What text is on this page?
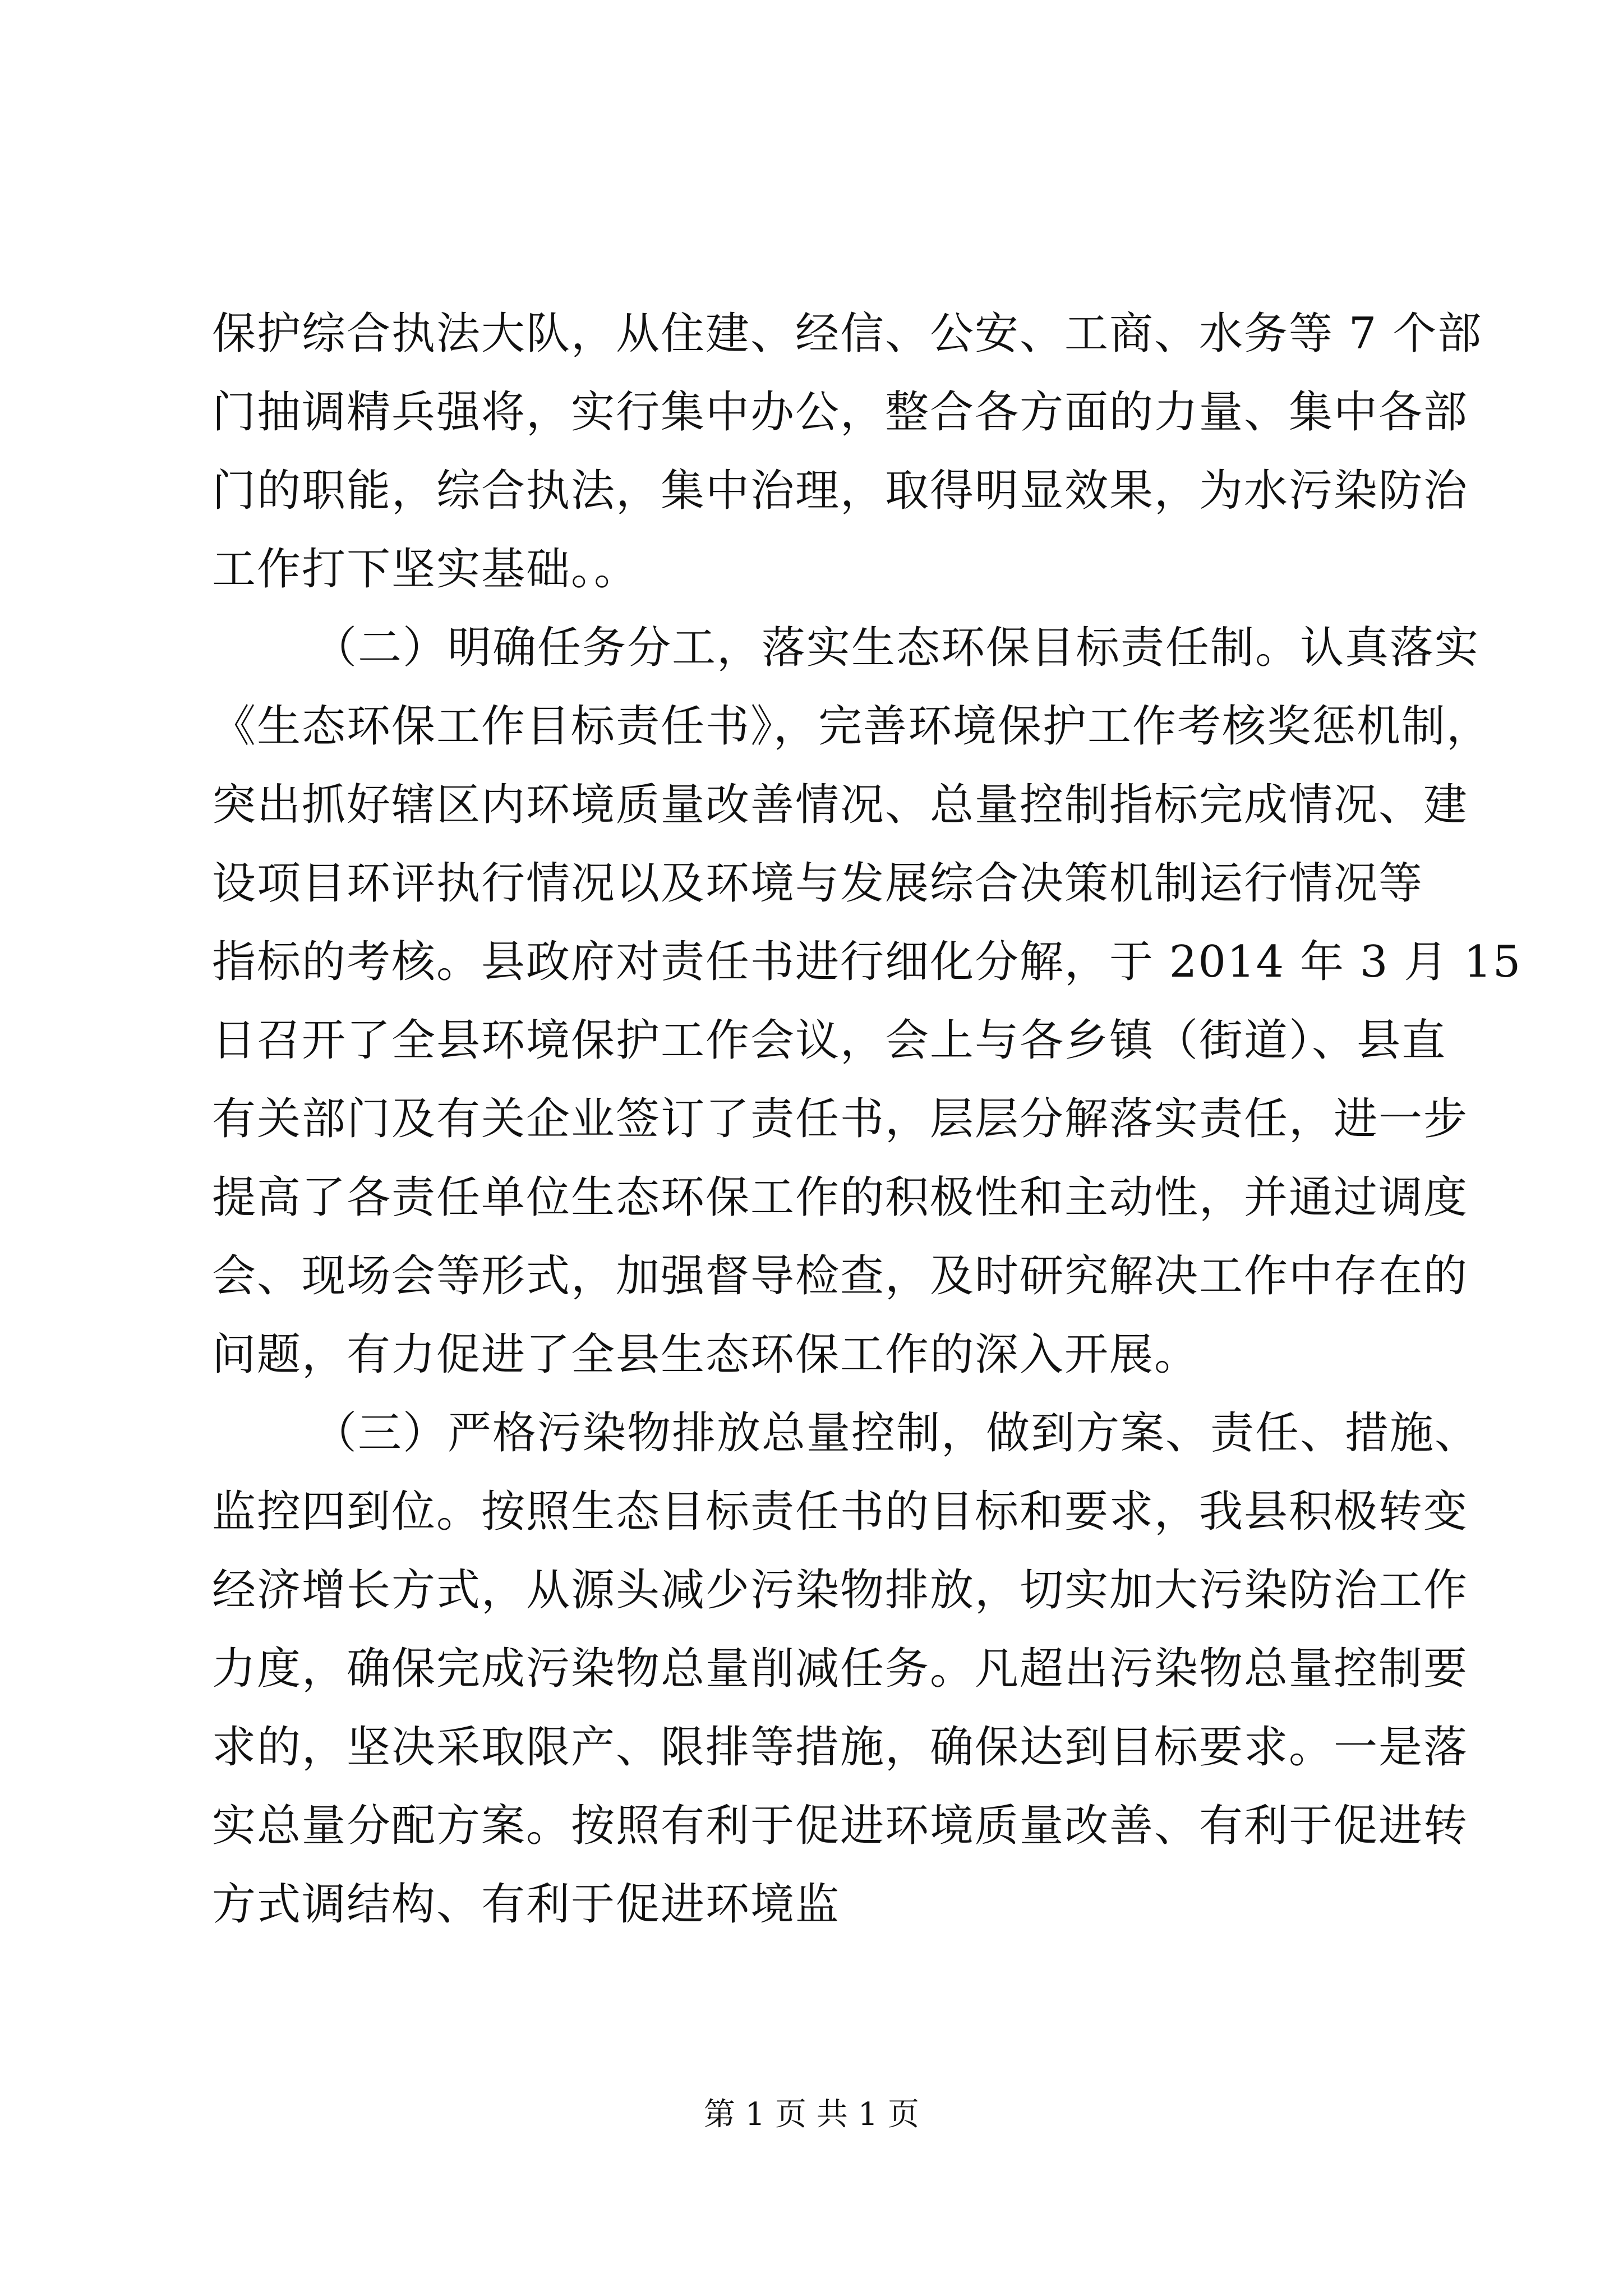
保护综合执法大队，从住建、经信、公安、工商、水务等 7 个部
门抽调精兵强将，实行集中办公，整合各方面的力量、集中各部
门的职能，综合执法，集中治理，取得明显效果，为水污染防治
工作打下坚实基础。。
（二）明确任务分工，落实生态环保目标责任制。认真落实
《生态环保工作目标责任书》，完善环境保护工作考核奖惩机制，
突出抓好辖区内环境质量改善情况、总量控制指标完成情况、建
设项目环评执行情况以及环境与发展综合决策机制运行情况等
指标的考核。县政府对责任书进行细化分解，于 2014 年 3 月 15
日召开了全县环境保护工作会议，会上与各乡镇（街道）、县直
有关部门及有关企业签订了责任书，层层分解落实责任，进一步
提高了各责任单位生态环保工作的积极性和主动性，并通过调度
会、现场会等形式，加强督导检查，及时研究解决工作中存在的
问题，有力促进了全县生态环保工作的深入开展。
（三）严格污染物排放总量控制，做到方案、责任、措施、
监控四到位。按照生态目标责任书的目标和要求，我县积极转变
经济增长方式，从源头减少污染物排放，切实加大污染防治工作
力度，确保完成污染物总量削减任务。凡超出污染物总量控制要
求的，坚决采取限产、限排等措施，确保达到目标要求。一是落
实总量分配方案。按照有利于促进环境质量改善、有利于促进转
方式调结构、有利于促进环境监
第 1 页 共 1 页
